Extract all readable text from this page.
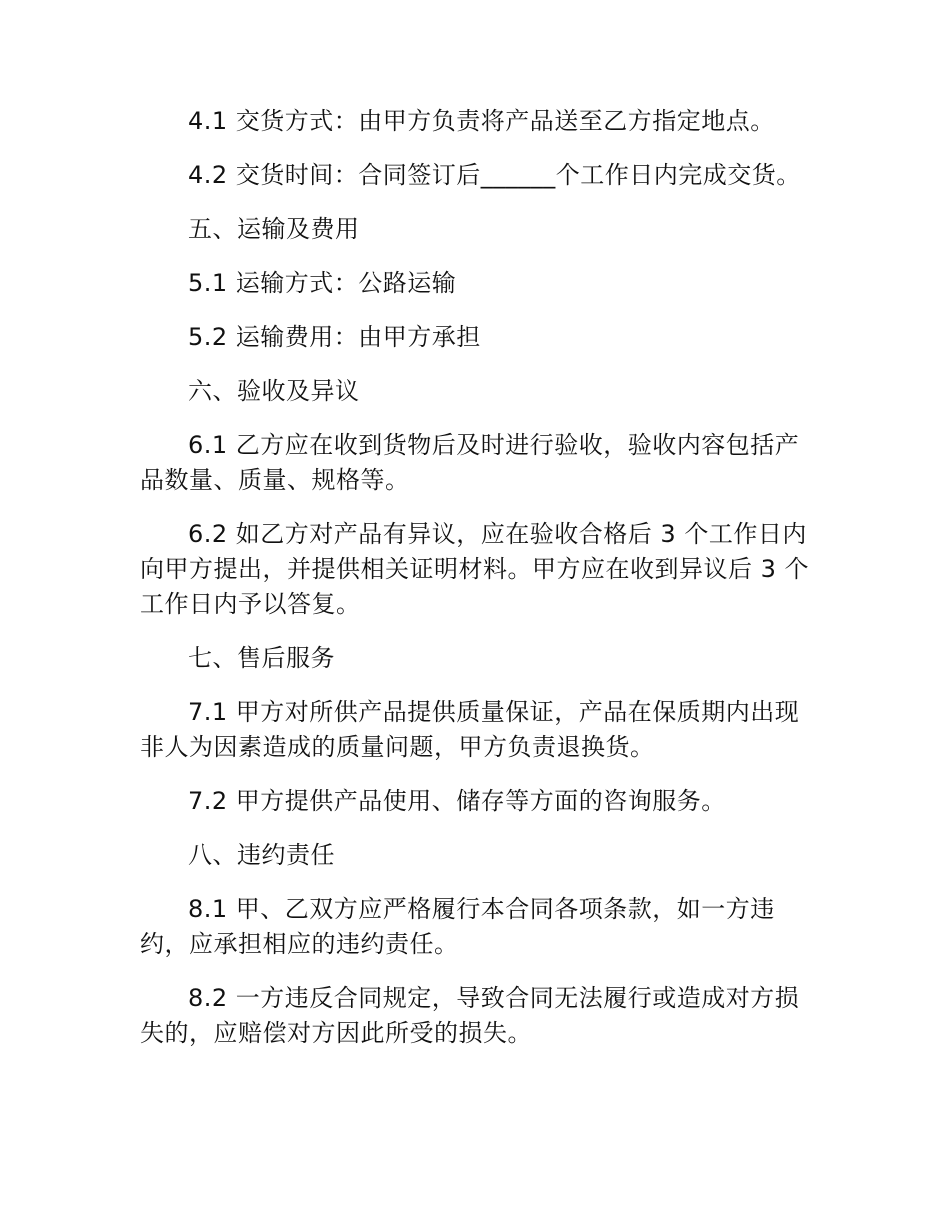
4.1 交货方式：由甲方负责将产品送至乙方指定地点。

4.2 交货时间：合同签订后______个工作日内完成交货。

五、运输及费用

5.1 运输方式：公路运输

5.2 运输费用：由甲方承担

六、验收及异议

6.1 乙方应在收到货物后及时进行验收，验收内容包括产品数量、质量、规格等。

6.2 如乙方对产品有异议，应在验收合格后 3 个工作日内向甲方提出，并提供相关证明材料。甲方应在收到异议后 3 个工作日内予以答复。

七、售后服务

7.1 甲方对所供产品提供质量保证，产品在保质期内出现非人为因素造成的质量问题，甲方负责退换货。

7.2 甲方提供产品使用、储存等方面的咨询服务。

八、违约责任

8.1 甲、乙双方应严格履行本合同各项条款，如一方违约，应承担相应的违约责任。

8.2 一方违反合同规定，导致合同无法履行或造成对方损失的，应赔偿对方因此所受的损失。
